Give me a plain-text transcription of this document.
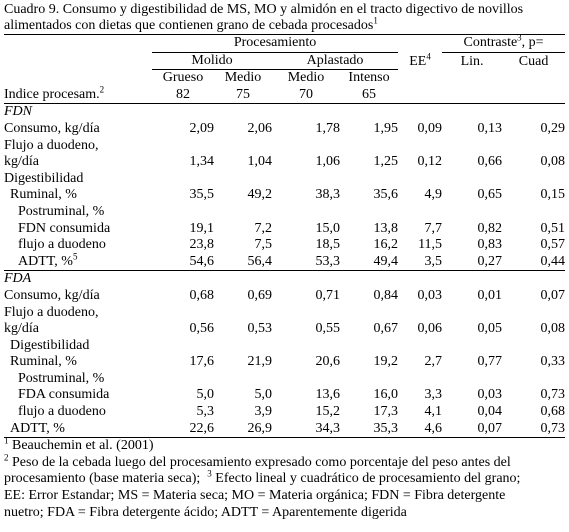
Cuadro 9. Consumo y digestibilidad de MS, MO y almidón en el tracto digectivo de novillos
alimentados con dietas que contienen grano de cebada procesados$^1$

	Procesamiento					Contraste$^3$, p=	

	Molido		Aplastado		$EE^4$	Lin.	Cuad
	Grueso	Medio	Medio	Intenso			
Indice procesam.$^2$	82	75	70	65			
FDN							
Consumo, kg/día	2,09	2,06	1,78	1,95	0,09	0,13	0,29
Flujo a duodeno,							
kg/día	1,34	1,04	1,06	1,25	0,12	0,66	0,08
Digestibilidad							
Ruminal, %	35,5	49,2	38,3	35,6	4,9	0,65	0,15
Postruminal, %							
FDN consumida	19,1	7,2	15,0	13,8	7,7	0,82	0,51
flujo a duodeno	23,8	7,5	18,5	16,2	11,5	0,83	0,57
ADTT, %$^5$	54,6	56,4	53,3	49,4	3,5	0,27	0,44
FDA							
Consumo, kg/día	0,68	0,69	0,71	0,84	0,03	0,01	0,07
Flujo a duodeno,							
kg/día	0,56	0,53	0,55	0,67	0,06	0,05	0,08
Digestibilidad							
Ruminal, %	17,6	21,9	20,6	19,2	2,7	0,77	0,33
Postruminal, %							
FDA consumida	5,0	5,0	13,6	16,0	3,3	0,03	0,73
flujo a duodeno	5,3	3,9	15,2	17,3	4,1	0,04	0,68
ADTT, %	22,6	26,9	34,3	35,3	4,6	0,07	0,73
$^1$ Beauchemin et al. (2001)
$^2$ Peso de la cebada luego del procesamiento expresado como porcentaje del peso antes del
procesamiento (base materia seca); $^3$ Efecto lineal y cuadrático de procesamiento del grano;
EE: Error Estandar; MS = Materia seca; MO = Materia orgánica; FDN = Fibra detergente
nuetro; FDA = Fibra detergente ácido; ADTT = Aparentemente digerida
